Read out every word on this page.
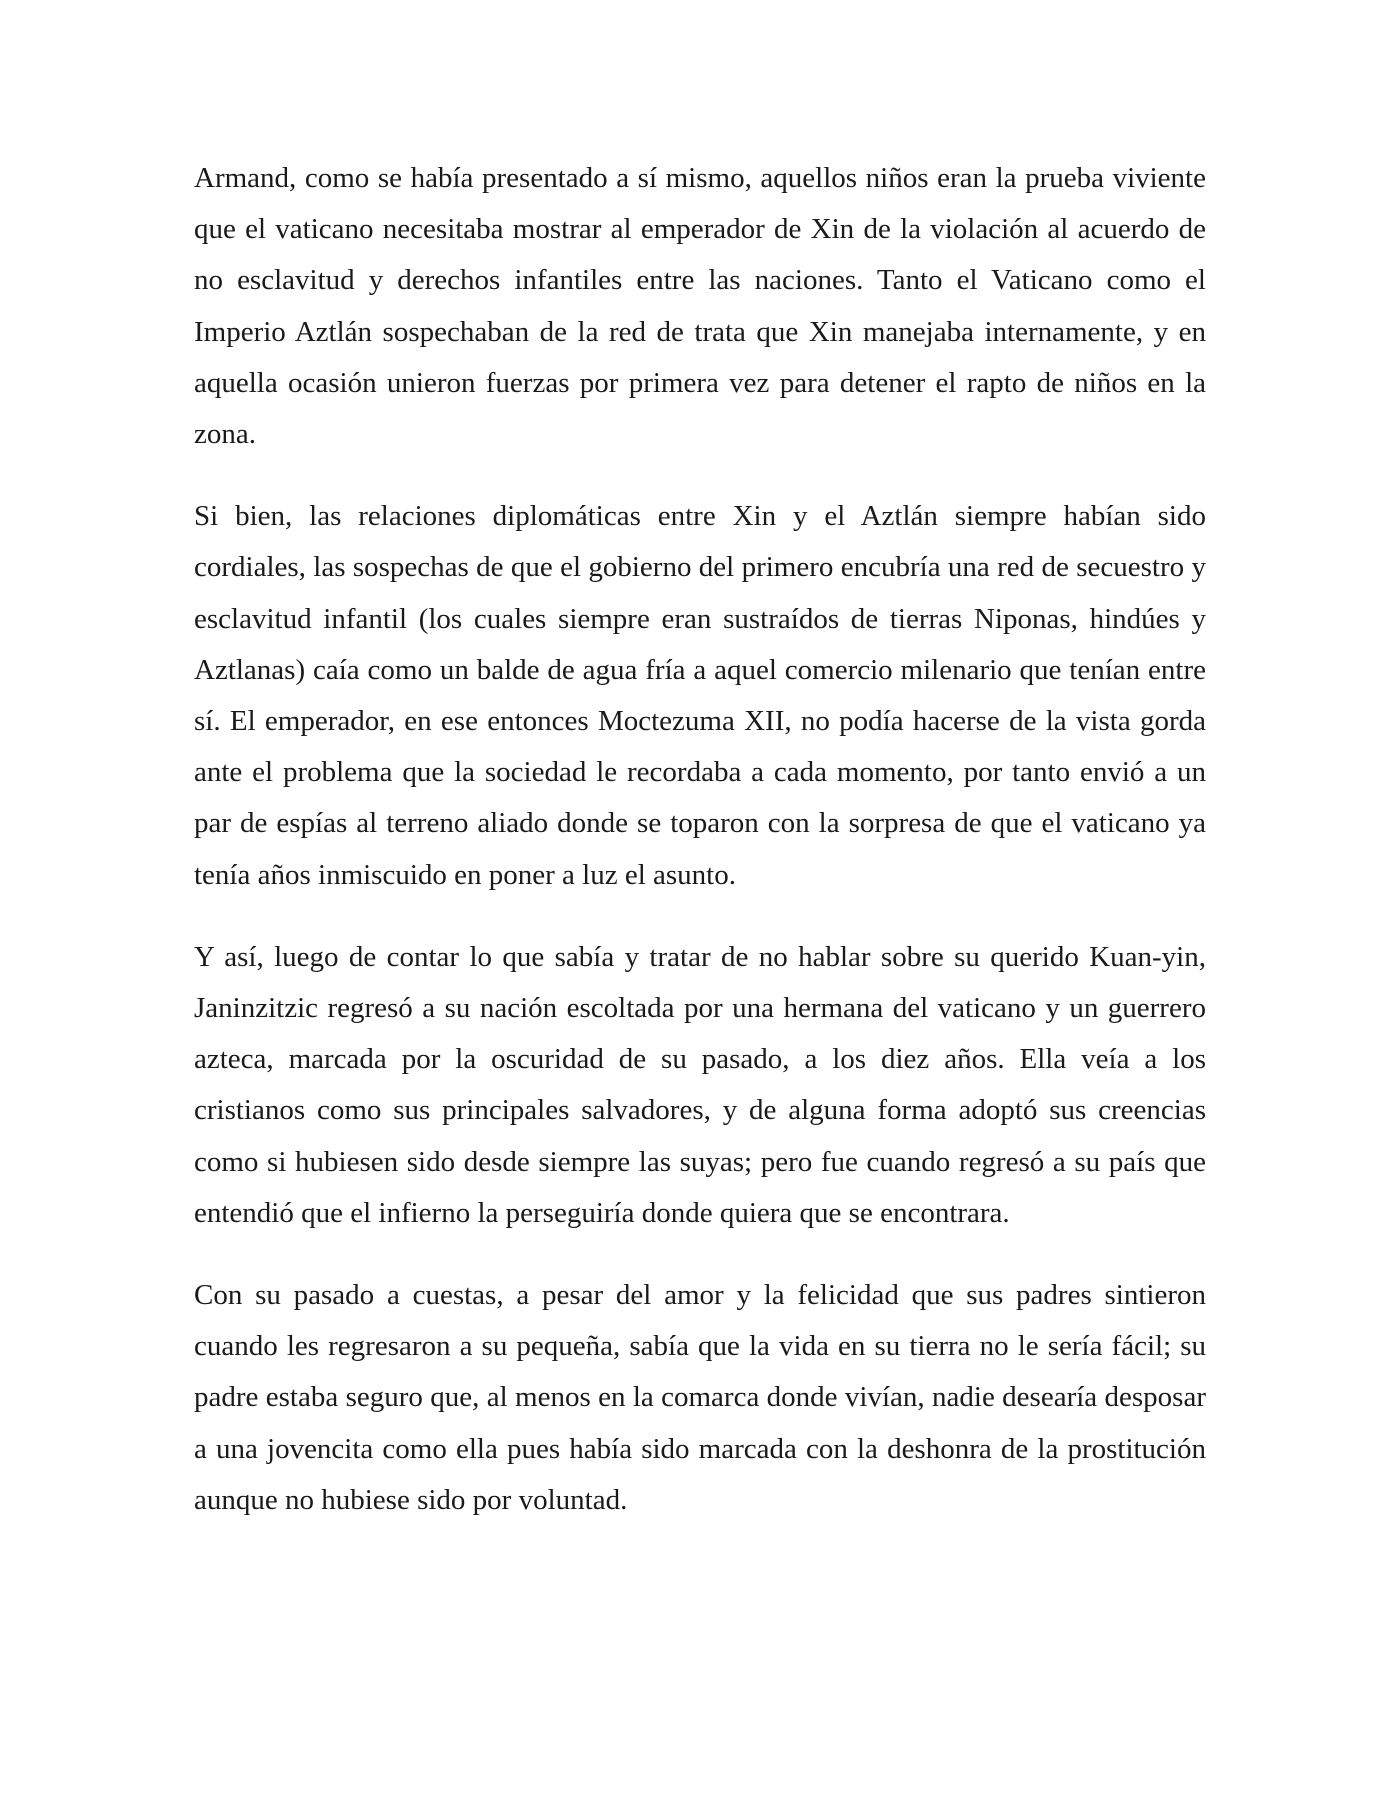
Armand, como se había presentado a sí mismo, aquellos niños eran la prueba viviente que el vaticano necesitaba mostrar al emperador de Xin de la violación al acuerdo de no esclavitud y derechos infantiles entre las naciones. Tanto el Vaticano como el Imperio Aztlán sospechaban de la red de trata que Xin manejaba internamente, y en aquella ocasión unieron fuerzas por primera vez para detener el rapto de niños en la zona.

Si bien, las relaciones diplomáticas entre Xin y el Aztlán siempre habían sido cordiales, las sospechas de que el gobierno del primero encubría una red de secuestro y esclavitud infantil (los cuales siempre eran sustraídos de tierras Niponas, hindúes y Aztlanas) caía como un balde de agua fría a aquel comercio milenario que tenían entre sí. El emperador, en ese entonces Moctezuma XII, no podía hacerse de la vista gorda ante el problema que la sociedad le recordaba a cada momento, por tanto envió a un par de espías al terreno aliado donde se toparon con la sorpresa de que el vaticano ya tenía años inmiscuido en poner a luz el asunto.

Y así, luego de contar lo que sabía y tratar de no hablar sobre su querido Kuan-yin, Janinzitzic regresó a su nación escoltada por una hermana del vaticano y un guerrero azteca, marcada por la oscuridad de su pasado, a los diez años. Ella veía a los cristianos como sus principales salvadores, y de alguna forma adoptó sus creencias como si hubiesen sido desde siempre las suyas; pero fue cuando regresó a su país que entendió que el infierno la perseguiría donde quiera que se encontrara.

Con su pasado a cuestas, a pesar del amor y la felicidad que sus padres sintieron cuando les regresaron a su pequeña, sabía que la vida en su tierra no le sería fácil; su padre estaba seguro que, al menos en la comarca donde vivían, nadie desearía desposar a una jovencita como ella pues había sido marcada con la deshonra de la prostitución aunque no hubiese sido por voluntad.
